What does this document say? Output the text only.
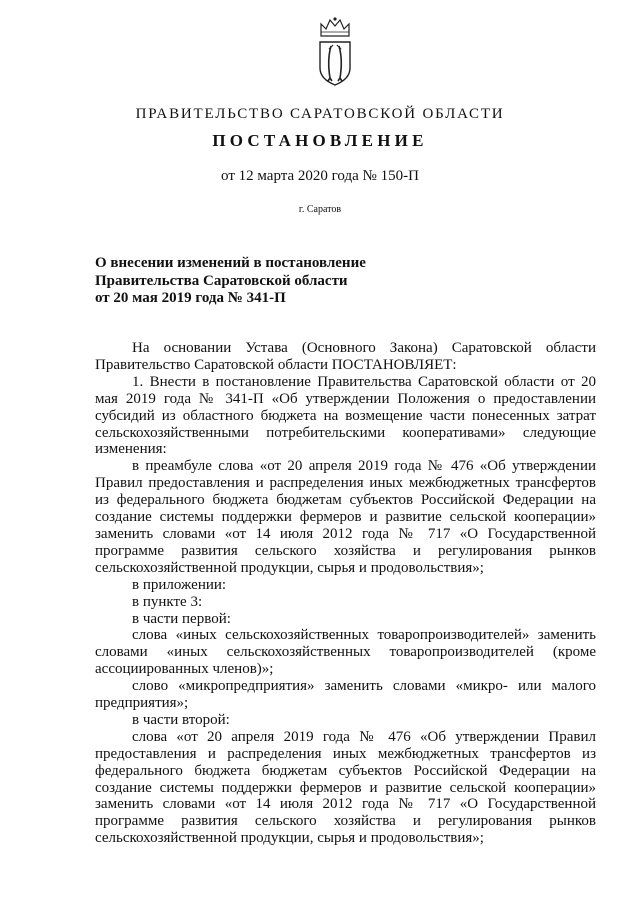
ПРАВИТЕЛЬСТВО САРАТОВСКОЙ ОБЛАСТИ
ПОСТАНОВЛЕНИЕ
от 12 марта 2020 года № 150-П
г. Саратов
О внесении изменений в постановление
Правительства Саратовской области
от 20 мая 2019 года № 341-П

На основании Устава (Основного Закона) Саратовской области Правительство Саратовской области ПОСТАНОВЛЯЕТ:

1. Внести в постановление Правительства Саратовской области от 20 мая 2019 года № 341-П «Об утверждении Положения о предоставлении субсидий из областного бюджета на возмещение части понесенных затрат сельскохозяйственными потребительскими кооперативами» следующие изменения:

в преамбуле слова «от 20 апреля 2019 года № 476 «Об утверждении Правил предоставления и распределения иных межбюджетных трансфертов из федерального бюджета бюджетам субъектов Российской Федерации на создание системы поддержки фермеров и развитие сельской кооперации» заменить словами «от 14 июля 2012 года № 717 «О Государственной программе развития сельского хозяйства и регулирования рынков сельскохозяйственной продукции, сырья и продовольствия»;

в приложении:

в пункте 3:

в части первой:

слова «иных сельскохозяйственных товаропроизводителей» заменить словами «иных сельскохозяйственных товаропроизводителей (кроме ассоциированных членов)»;

слово «микропредприятия» заменить словами «микро- или малого предприятия»;

в части второй:

слова «от 20 апреля 2019 года № 476 «Об утверждении Правил предоставления и распределения иных межбюджетных трансфертов из федерального бюджета бюджетам субъектов Российской Федерации на создание системы поддержки фермеров и развитие сельской кооперации» заменить словами «от 14 июля 2012 года № 717 «О Государственной программе развития сельского хозяйства и регулирования рынков сельскохозяйственной продукции, сырья и продовольствия»;
